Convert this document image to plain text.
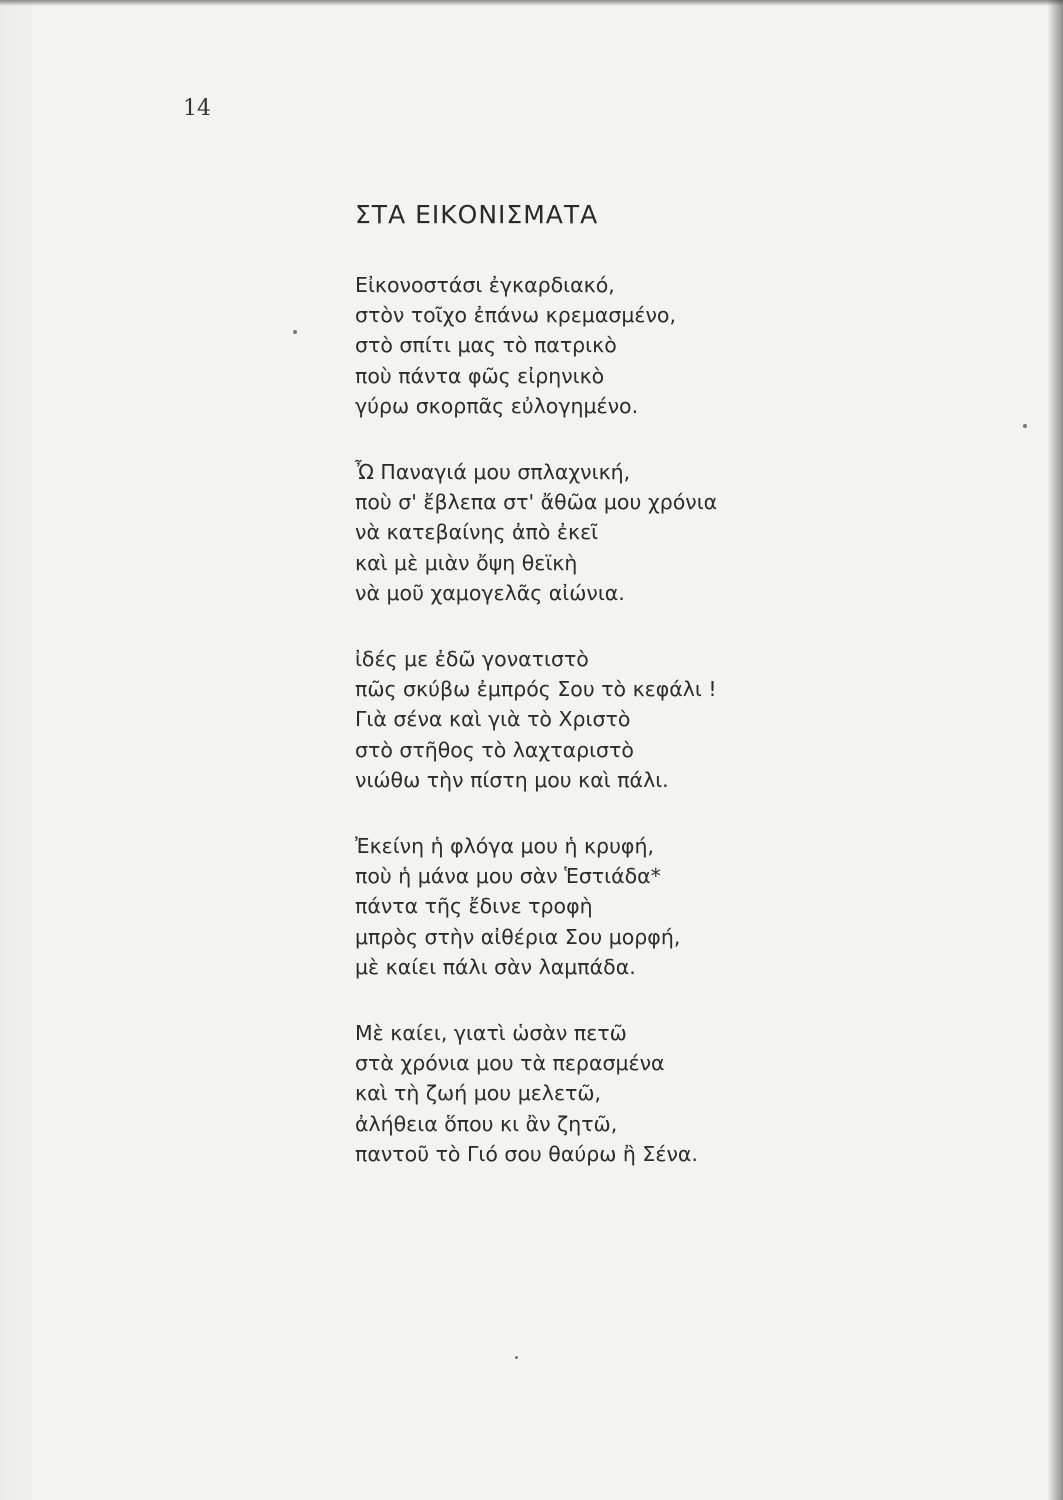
14
ΣΤΑ ΕΙΚΟΝΙΣΜΑΤΑ
Εἰκονοστάσι ἐγκαρδιακό,
στὸν τοῖχο ἐπάνω κρεμασμένο,
στὸ σπίτι μας τὸ πατρικὸ
ποὺ πάντα φῶς εἰρηνικὸ
γύρω σκορπᾶς εὐλογημένο.
Ὦ Παναγιά μου σπλαχνική,
ποὺ σ' ἔβλεπα στ' ἄθῶα μου χρόνια
νὰ κατεβαίνης ἀπὸ ἐκεῖ
καὶ μὲ μιὰν ὄψη θεϊκὴ
νὰ μοῦ χαμογελᾶς αἰώνια.
ἰδές με ἐδῶ γονατιστὸ
πῶς σκύβω ἐμπρός Σου τὸ κεφάλι !
Γιὰ σένα καὶ γιὰ τὸ Χριστὸ
στὸ στῆθος τὸ λαχταριστὸ
νιώθω τὴν πίστη μου καὶ πάλι.
Ἐκείνη ἡ φλόγα μου ἡ κρυφή,
ποὺ ἡ μάνα μου σὰν Ἑστιάδα*
πάντα τῆς ἔδινε τροφὴ
μπρὸς στὴν αἰθέρια Σου μορφή,
μὲ καίει πάλι σὰν λαμπάδα.
Μὲ καίει, γιατὶ ὡσὰν πετῶ
στὰ χρόνια μου τὰ περασμένα
καὶ τὴ ζωή μου μελετῶ,
ἀλήθεια ὅπου κι ἂν ζητῶ,
παντοῦ τὸ Γιό σου θαύρω ἢ Σένα.
